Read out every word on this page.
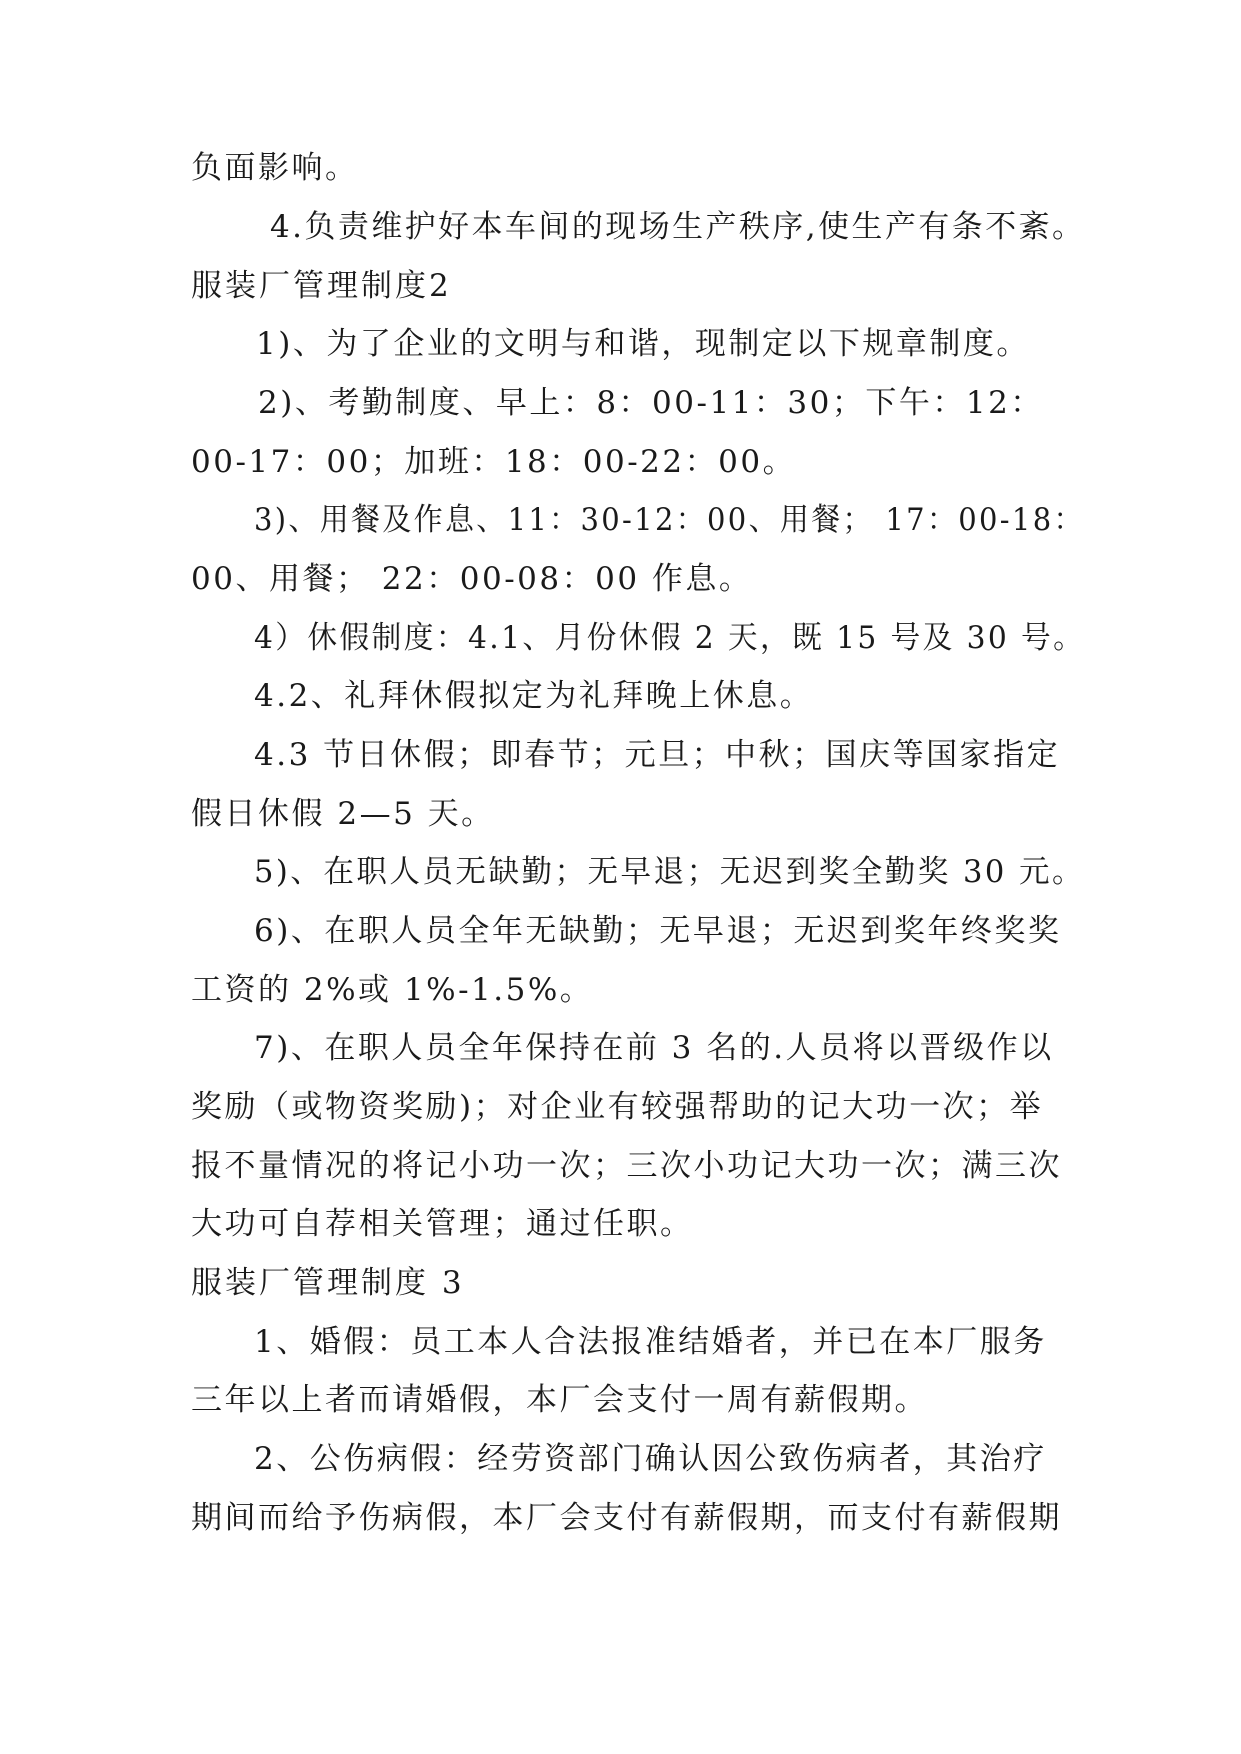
负面影响。
4.负责维护好本车间的现场生产秩序,使生产有条不紊。
服装厂管理制度2
1)、为了企业的文明与和谐，现制定以下规章制度。
2)、考勤制度、早上：8：00-11：30；下午：12：
00-17：00；加班：18：00-22：00。
3)、用餐及作息、11：30-12：00、用餐； 17：00-18：
00、用餐； 22：00-08：00 作息。
4）休假制度：4.1、月份休假 2 天，既 15 号及 30 号。
4.2、礼拜休假拟定为礼拜晚上休息。
4.3 节日休假；即春节；元旦；中秋；国庆等国家指定
假日休假 2—5 天。
5)、在职人员无缺勤；无早退；无迟到奖全勤奖 30 元。
6)、在职人员全年无缺勤；无早退；无迟到奖年终奖奖
工资的 2%或 1%-1.5%。
7)、在职人员全年保持在前 3 名的.人员将以晋级作以
奖励（或物资奖励)；对企业有较强帮助的记大功一次；举
报不量情况的将记小功一次；三次小功记大功一次；满三次
大功可自荐相关管理；通过任职。
服装厂管理制度 3
1、婚假：员工本人合法报准结婚者，并已在本厂服务
三年以上者而请婚假，本厂会支付一周有薪假期。
2、公伤病假：经劳资部门确认因公致伤病者，其治疗
期间而给予伤病假，本厂会支付有薪假期，而支付有薪假期
